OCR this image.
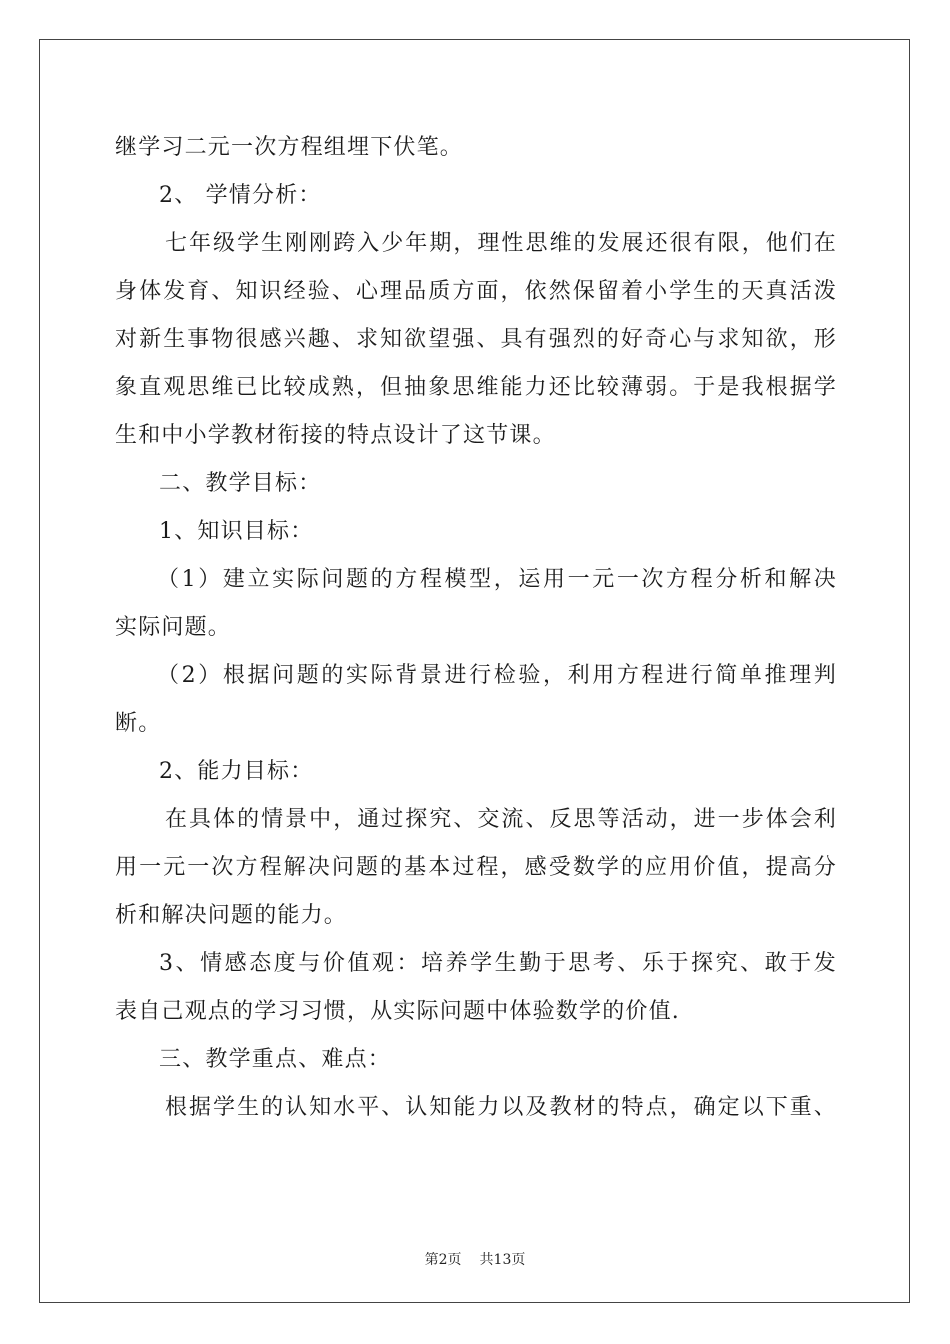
继学习二元一次方程组埋下伏笔。
2、 学情分析：
七年级学生刚刚跨入少年期，理性思维的发展还很有限，他们在
身体发育、知识经验、心理品质方面，依然保留着小学生的天真活泼
对新生事物很感兴趣、求知欲望强、具有强烈的好奇心与求知欲，形
象直观思维已比较成熟，但抽象思维能力还比较薄弱。于是我根据学
生和中小学教材衔接的特点设计了这节课。
二、教学目标：
1、知识目标：
（1）建立实际问题的方程模型，运用一元一次方程分析和解决
实际问题。
（2）根据问题的实际背景进行检验，利用方程进行简单推理判
断。
2、能力目标：
在具体的情景中，通过探究、交流、反思等活动，进一步体会利
用一元一次方程解决问题的基本过程，感受数学的应用价值，提高分
析和解决问题的能力。
3、情感态度与价值观：培养学生勤于思考、乐于探究、敢于发
表自己观点的学习习惯，从实际问题中体验数学的价值.
三、教学重点、难点：
根据学生的认知水平、认知能力以及教材的特点，确定以下重、
第2页 共13页
